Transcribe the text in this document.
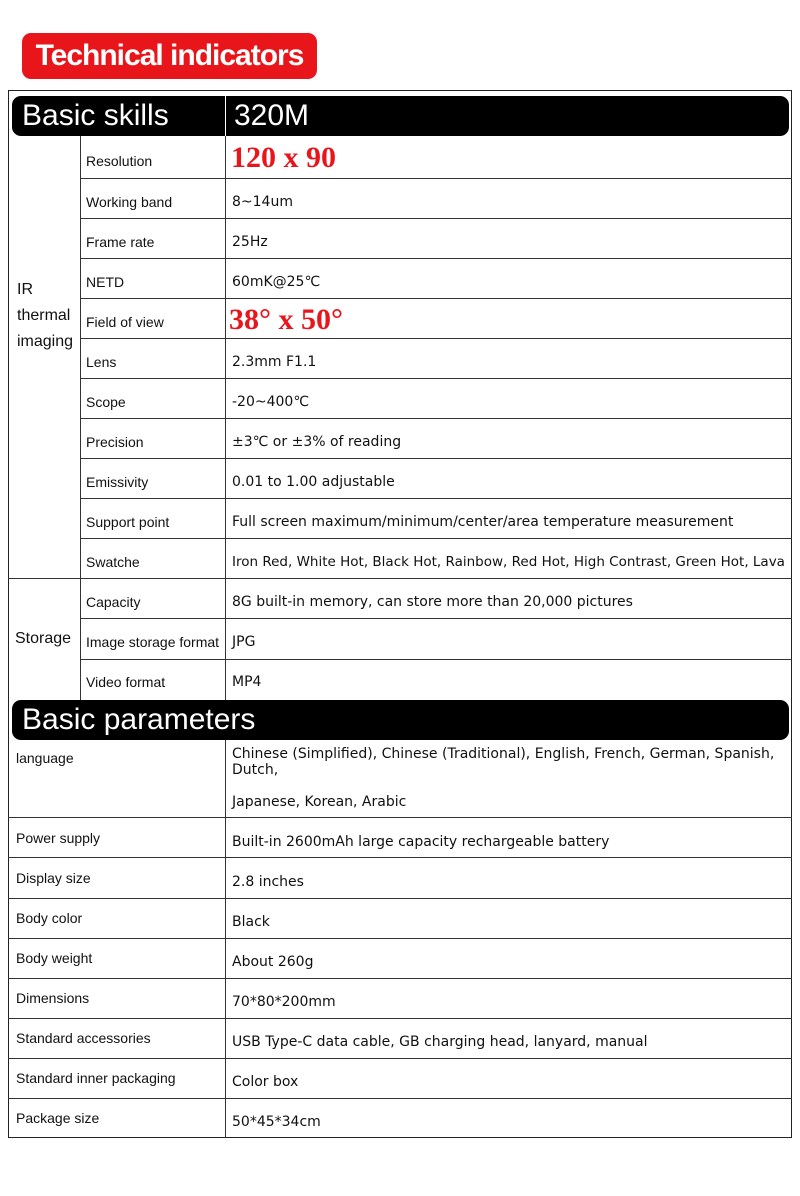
Technical indicators
Basic skills 320M
IR
thermal
imaging
Storage
Resolution	120 x 90
Working band	8~14um
Frame rate	25Hz
NETD	60mK@25℃
Field of view 38° x 50°
Lens	2.3mm F1.1
Scope	-20~400℃
Precision	±3℃ or ±3% of reading
Emissivity	0.01 to 1.00 adjustable
Support point	Full screen maximum/minimum/center/area temperature measurement
Swatche	Iron Red, White Hot, Black Hot, Rainbow, Red Hot, High Contrast, Green Hot, Lava
Capacity	8G built-in memory, can store more than 20,000 pictures
Image storage format JPG
Video format	MP4
Basic parameters
language	Chinese (Simplified), Chinese (Traditional), English, French, German, Spanish, Dutch,
Japanese, Korean, Arabic
Power supply	Built-in 2600mAh large capacity rechargeable battery
Display size	2.8 inches
Body color	Black
Body weight	About 260g
Dimensions	70*80*200mm
Standard accessories	USB Type-C data cable, GB charging head, lanyard, manual
Standard inner packaging	Color box
Package size	50*45*34cm
